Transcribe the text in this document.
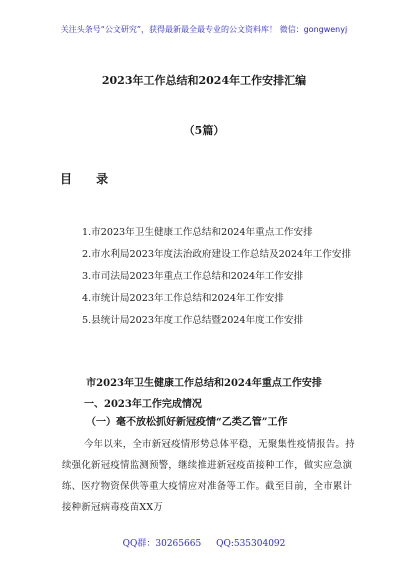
关注头条号“公文研究”，获得最新最全最专业的公文资料库！ 微信：gongwenyj
2023年工作总结和2024年工作安排汇编
（5篇）
目 录
1.市2023年卫生健康工作总结和2024年重点工作安排
2.市水利局2023年度法治政府建设工作总结及2024年工作安排
3.市司法局2023年重点工作总结和2024年工作安排
4.市统计局2023年工作总结和2024年工作安排
5.县统计局2023年度工作总结暨2024年度工作安排
市2023年卫生健康工作总结和2024年重点工作安排
一、2023年工作完成情况
（一）毫不放松抓好新冠疫情“乙类乙管”工作
今年以来，全市新冠疫情形势总体平稳，无聚集性疫情报告。持续强化新冠疫情监测预警，继续推进新冠疫苗接种工作，做实应急演练、医疗物资保供等重大疫情应对准备等工作。截至目前，全市累计接种新冠病毒疫苗XX万
QQ群：30265665 QQ:535304092
